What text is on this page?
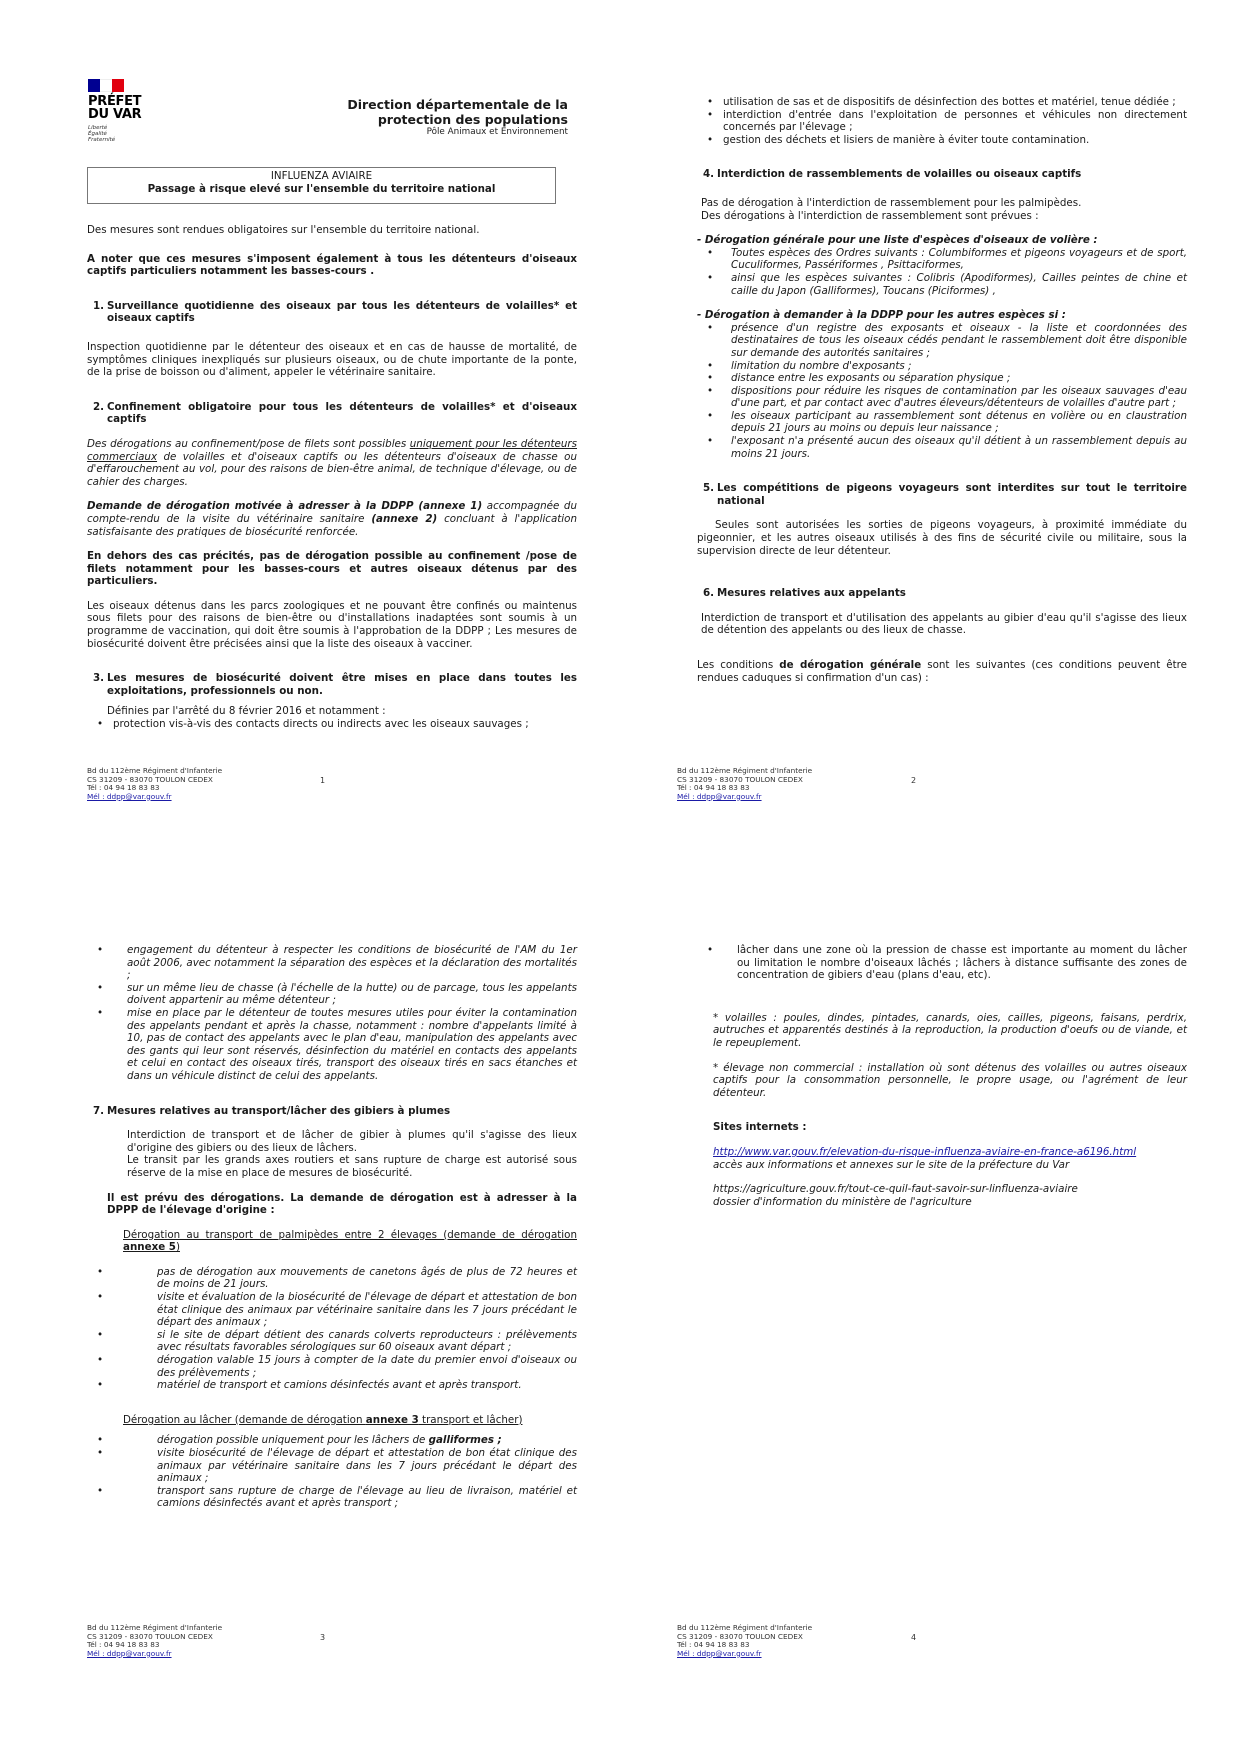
PRÉFET
DU VAR
Liberté
Égalité
Fraternité
Direction départementale de la
protection des populations
Pôle Animaux et Environnement
INFLUENZA AVIAIRE
Passage à risque elevé sur l'ensemble du territoire national

Des mesures sont rendues obligatoires sur l'ensemble du territoire national.

A noter que ces mesures s'imposent également à tous les détenteurs d'oiseaux captifs particuliers notamment les basses-cours .

1. Surveillance quotidienne des oiseaux par tous les détenteurs de volailles* et oiseaux captifs

Inspection quotidienne par le détenteur des oiseaux et en cas de hausse de mortalité, de symptômes cliniques inexpliqués sur plusieurs oiseaux, ou de chute importante de la ponte, de la prise de boisson ou d'aliment, appeler le vétérinaire sanitaire.

2. Confinement obligatoire pour tous les détenteurs de volailles* et d'oiseaux captifs

Des dérogations au confinement/pose de filets sont possibles uniquement pour les détenteurs commerciaux de volailles et d'oiseaux captifs ou les détenteurs d'oiseaux de chasse ou d'effarouchement au vol, pour des raisons de bien-être animal, de technique d'élevage, ou de cahier des charges.

Demande de dérogation motivée à adresser à la DDPP (annexe 1) accompagnée du compte-rendu de la visite du vétérinaire sanitaire (annexe 2) concluant à l'application satisfaisante des pratiques de biosécurité renforcée.

En dehors des cas précités, pas de dérogation possible au confinement /pose de filets notamment pour les basses-cours et autres oiseaux détenus par des particuliers.

Les oiseaux détenus dans les parcs zoologiques et ne pouvant être confinés ou maintenus sous filets pour des raisons de bien-être ou d'installations inadaptées sont soumis à un programme de vaccination, qui doit être soumis à l'approbation de la DDPP ; Les mesures de biosécurité doivent être précisées ainsi que la liste des oiseaux à vacciner.

3. Les mesures de biosécurité doivent être mises en place dans toutes les exploitations, professionnels ou non.

Définies par l'arrêté du 8 février 2016 et notamment :

• protection vis-à-vis des contacts directs ou indirects avec les oiseaux sauvages ;
• utilisation de sas et de dispositifs de désinfection des bottes et matériel, tenue dédiée ;
• interdiction d'entrée dans l'exploitation de personnes et véhicules non directement concernés par l'élevage ;
• gestion des déchets et lisiers de manière à éviter toute contamination.
4. Interdiction de rassemblements de volailles ou oiseaux captifs

Pas de dérogation à l'interdiction de rassemblement pour les palmipèdes.

Des dérogations à l'interdiction de rassemblement sont prévues :

- Dérogation générale pour une liste d'espèces d'oiseaux de volière :

• Toutes espèces des Ordres suivants : Columbiformes et pigeons voyageurs et de sport, Cuculiformes, Passériformes , Psittaciformes,
• ainsi que les espèces suivantes : Colibris (Apodiformes), Cailles peintes de chine et caille du Japon (Galliformes), Toucans (Piciformes) ,

- Dérogation à demander à la DDPP pour les autres espèces si :

• présence d'un registre des exposants et oiseaux - la liste et coordonnées des destinataires de tous les oiseaux cédés pendant le rassemblement doit être disponible sur demande des autorités sanitaires ;
• limitation du nombre d'exposants ;
• distance entre les exposants ou séparation physique ;
• dispositions pour réduire les risques de contamination par les oiseaux sauvages d'eau d'une part, et par contact avec d'autres éleveurs/détenteurs de volailles d'autre part ;
• les oiseaux participant au rassemblement sont détenus en volière ou en claustration depuis 21 jours au moins ou depuis leur naissance ;
• l'exposant n'a présenté aucun des oiseaux qu'il détient à un rassemblement depuis au moins 21 jours.
5. Les compétitions de pigeons voyageurs sont interdites sur tout le territoire national

Seules sont autorisées les sorties de pigeons voyageurs, à proximité immédiate du pigeonnier, et les autres oiseaux utilisés à des fins de sécurité civile ou militaire, sous la supervision directe de leur détenteur.

6. Mesures relatives aux appelants

Interdiction de transport et d'utilisation des appelants au gibier d'eau qu'il s'agisse des lieux de détention des appelants ou des lieux de chasse.

Les conditions de dérogation générale sont les suivantes (ces conditions peuvent être rendues caduques si confirmation d'un cas) :

• engagement du détenteur à respecter les conditions de biosécurité de l'AM du 1er août 2006, avec notamment la séparation des espèces et la déclaration des mortalités ;
• sur un même lieu de chasse (à l'échelle de la hutte) ou de parcage, tous les appelants doivent appartenir au même détenteur ;
• mise en place par le détenteur de toutes mesures utiles pour éviter la contamination des appelants pendant et après la chasse, notamment : nombre d'appelants limité à 10, pas de contact des appelants avec le plan d'eau, manipulation des appelants avec des gants qui leur sont réservés, désinfection du matériel en contacts des appelants et celui en contact des oiseaux tirés, transport des oiseaux tirés en sacs étanches et dans un véhicule distinct de celui des appelants.
7. Mesures relatives au transport/lâcher des gibiers à plumes

Interdiction de transport et de lâcher de gibier à plumes qu'il s'agisse des lieux d'origine des gibiers ou des lieux de lâchers.

Le transit par les grands axes routiers et sans rupture de charge est autorisé sous réserve de la mise en place de mesures de biosécurité.

Il est prévu des dérogations. La demande de dérogation est à adresser à la DPPP de l'élevage d'origine :

Dérogation au transport de palmipèdes entre 2 élevages (demande de dérogation annexe 5)

• pas de dérogation aux mouvements de canetons âgés de plus de 72 heures et de moins de 21 jours.
• visite et évaluation de la biosécurité de l'élevage de départ et attestation de bon état clinique des animaux par vétérinaire sanitaire dans les 7 jours précédant le départ des animaux ;
• si le site de départ détient des canards colverts reproducteurs : prélèvements avec résultats favorables sérologiques sur 60 oiseaux avant départ ;
• dérogation valable 15 jours à compter de la date du premier envoi d'oiseaux ou des prélèvements ;
• matériel de transport et camions désinfectés avant et après transport.

Dérogation au lâcher (demande de dérogation annexe 3 transport et lâcher)

• dérogation possible uniquement pour les lâchers de galliformes ;
• visite biosécurité de l'élevage de départ et attestation de bon état clinique des animaux par vétérinaire sanitaire dans les 7 jours précédant le départ des animaux ;
• transport sans rupture de charge de l'élevage au lieu de livraison, matériel et camions désinfectés avant et après transport ;
• lâcher dans une zone où la pression de chasse est importante au moment du lâcher ou limitation le nombre d'oiseaux lâchés ; lâchers à distance suffisante des zones de concentration de gibiers d'eau (plans d'eau, etc).

* volailles : poules, dindes, pintades, canards, oies, cailles, pigeons, faisans, perdrix, autruches et apparentés destinés à la reproduction, la production d'oeufs ou de viande, et le repeuplement.

* élevage non commercial : installation où sont détenus des volailles ou autres oiseaux captifs pour la consommation personnelle, le propre usage, ou l'agrément de leur détenteur.

Sites internets :

http://www.var.gouv.fr/elevation-du-risque-influenza-aviaire-en-france-a6196.html

accès aux informations et annexes sur le site de la préfecture du Var

https://agriculture.gouv.fr/tout-ce-quil-faut-savoir-sur-linfluenza-aviaire

dossier d'information du ministère de l'agriculture

Bd du 112ème Régiment d'Infanterie
CS 31209 - 83070 TOULON CEDEX
Tél : 04 94 18 83 83
Mél : ddpp@var.gouv.fr
1
Bd du 112ème Régiment d'Infanterie
CS 31209 - 83070 TOULON CEDEX
Tél : 04 94 18 83 83
Mél : ddpp@var.gouv.fr
2
Bd du 112ème Régiment d'Infanterie
CS 31209 - 83070 TOULON CEDEX
Tél : 04 94 18 83 83
Mél : ddpp@var.gouv.fr
3
Bd du 112ème Régiment d'Infanterie
CS 31209 - 83070 TOULON CEDEX
Tél : 04 94 18 83 83
Mél : ddpp@var.gouv.fr
4
